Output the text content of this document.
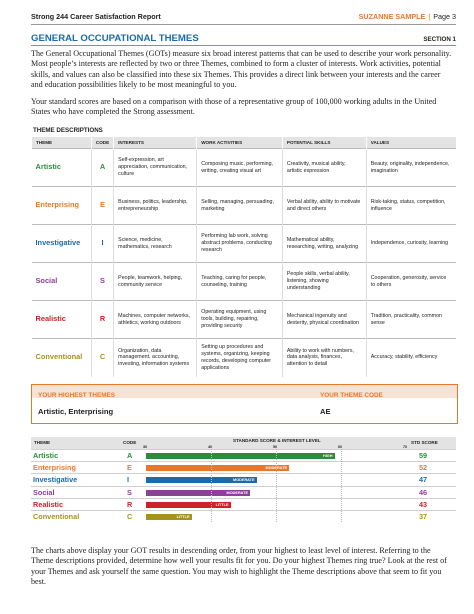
Strong 244 Career Satisfaction Report	SUZANNE SAMPLE | Page 3
GENERAL OCCUPATIONAL THEMES	SECTION 1
The General Occupational Themes (GOTs) measure six broad interest patterns that can be used to describe your work personality. Most people’s interests are reflected by two or three Themes, combined to form a cluster of interests. Work activities, potential skills, and values can also be classified into these six Themes. This provides a direct link between your interests and the career and education possibilities likely to be most meaningful to you.
Your standard scores are based on a comparison with those of a representative group of 100,000 working adults in the United States who have completed the Strong assessment.
THEME DESCRIPTIONS
THEME	CODE	INTERESTS	WORK ACTIVITIES	POTENTIAL SKILLS	VALUES
Artistic	A	Self-expression, art appreciation, communication, culture	Composing music, performing, writing, creating visual art	Creativity, musical ability, artistic expression	Beauty, originality, independence, imagination
Enterprising	E	Business, politics, leadership, entrepreneurship	Selling, managing, persuading, marketing	Verbal ability, ability to motivate and direct others	Risk-taking, status, competition, influence
Investigative	I	Science, medicine, mathematics, research	Performing lab work, solving abstract problems, conducting research	Mathematical ability, researching, writing, analyzing	Independence, curiosity, learning
Social	S	People, teamwork, helping, community service	Teaching, caring for people, counseling, training	People skills, verbal ability, listening, showing understanding	Cooperation, generosity, service to others
Realistic	R	Machines, computer networks, athletics, working outdoors	Operating equipment, using tools, building, repairing, providing security	Mechanical ingenuity and dexterity, physical coordination	Tradition, practicality, common sense
Conventional	C	Organization, data management, accounting, investing, information systems	Setting up procedures and systems, organizing, keeping records, developing computer applications	Ability to work with numbers, data analysis, finances, attention to detail	Accuracy, stability, efficiency
YOUR HIGHEST THEMES	YOUR THEME CODE
Artistic, Enterprising	AE
THEME	CODE	STANDARD SCORE & INTEREST LEVEL	STD SCORE
30	40	50	60	70
Artistic	A	HIGH	59
Enterprising	E	MODERATE	52
Investigative	I	MODERATE	47
Social	S	MODERATE	46
Realistic	R	LITTLE	43
Conventional	C	LITTLE	37
The charts above display your GOT results in descending order, from your highest to least level of interest. Referring to the Theme descriptions provided, determine how well your results fit for you. Do your highest Themes ring true? Look at the rest of your Themes and ask yourself the same question. You may wish to highlight the Theme descriptions above that seem to fit you best.
